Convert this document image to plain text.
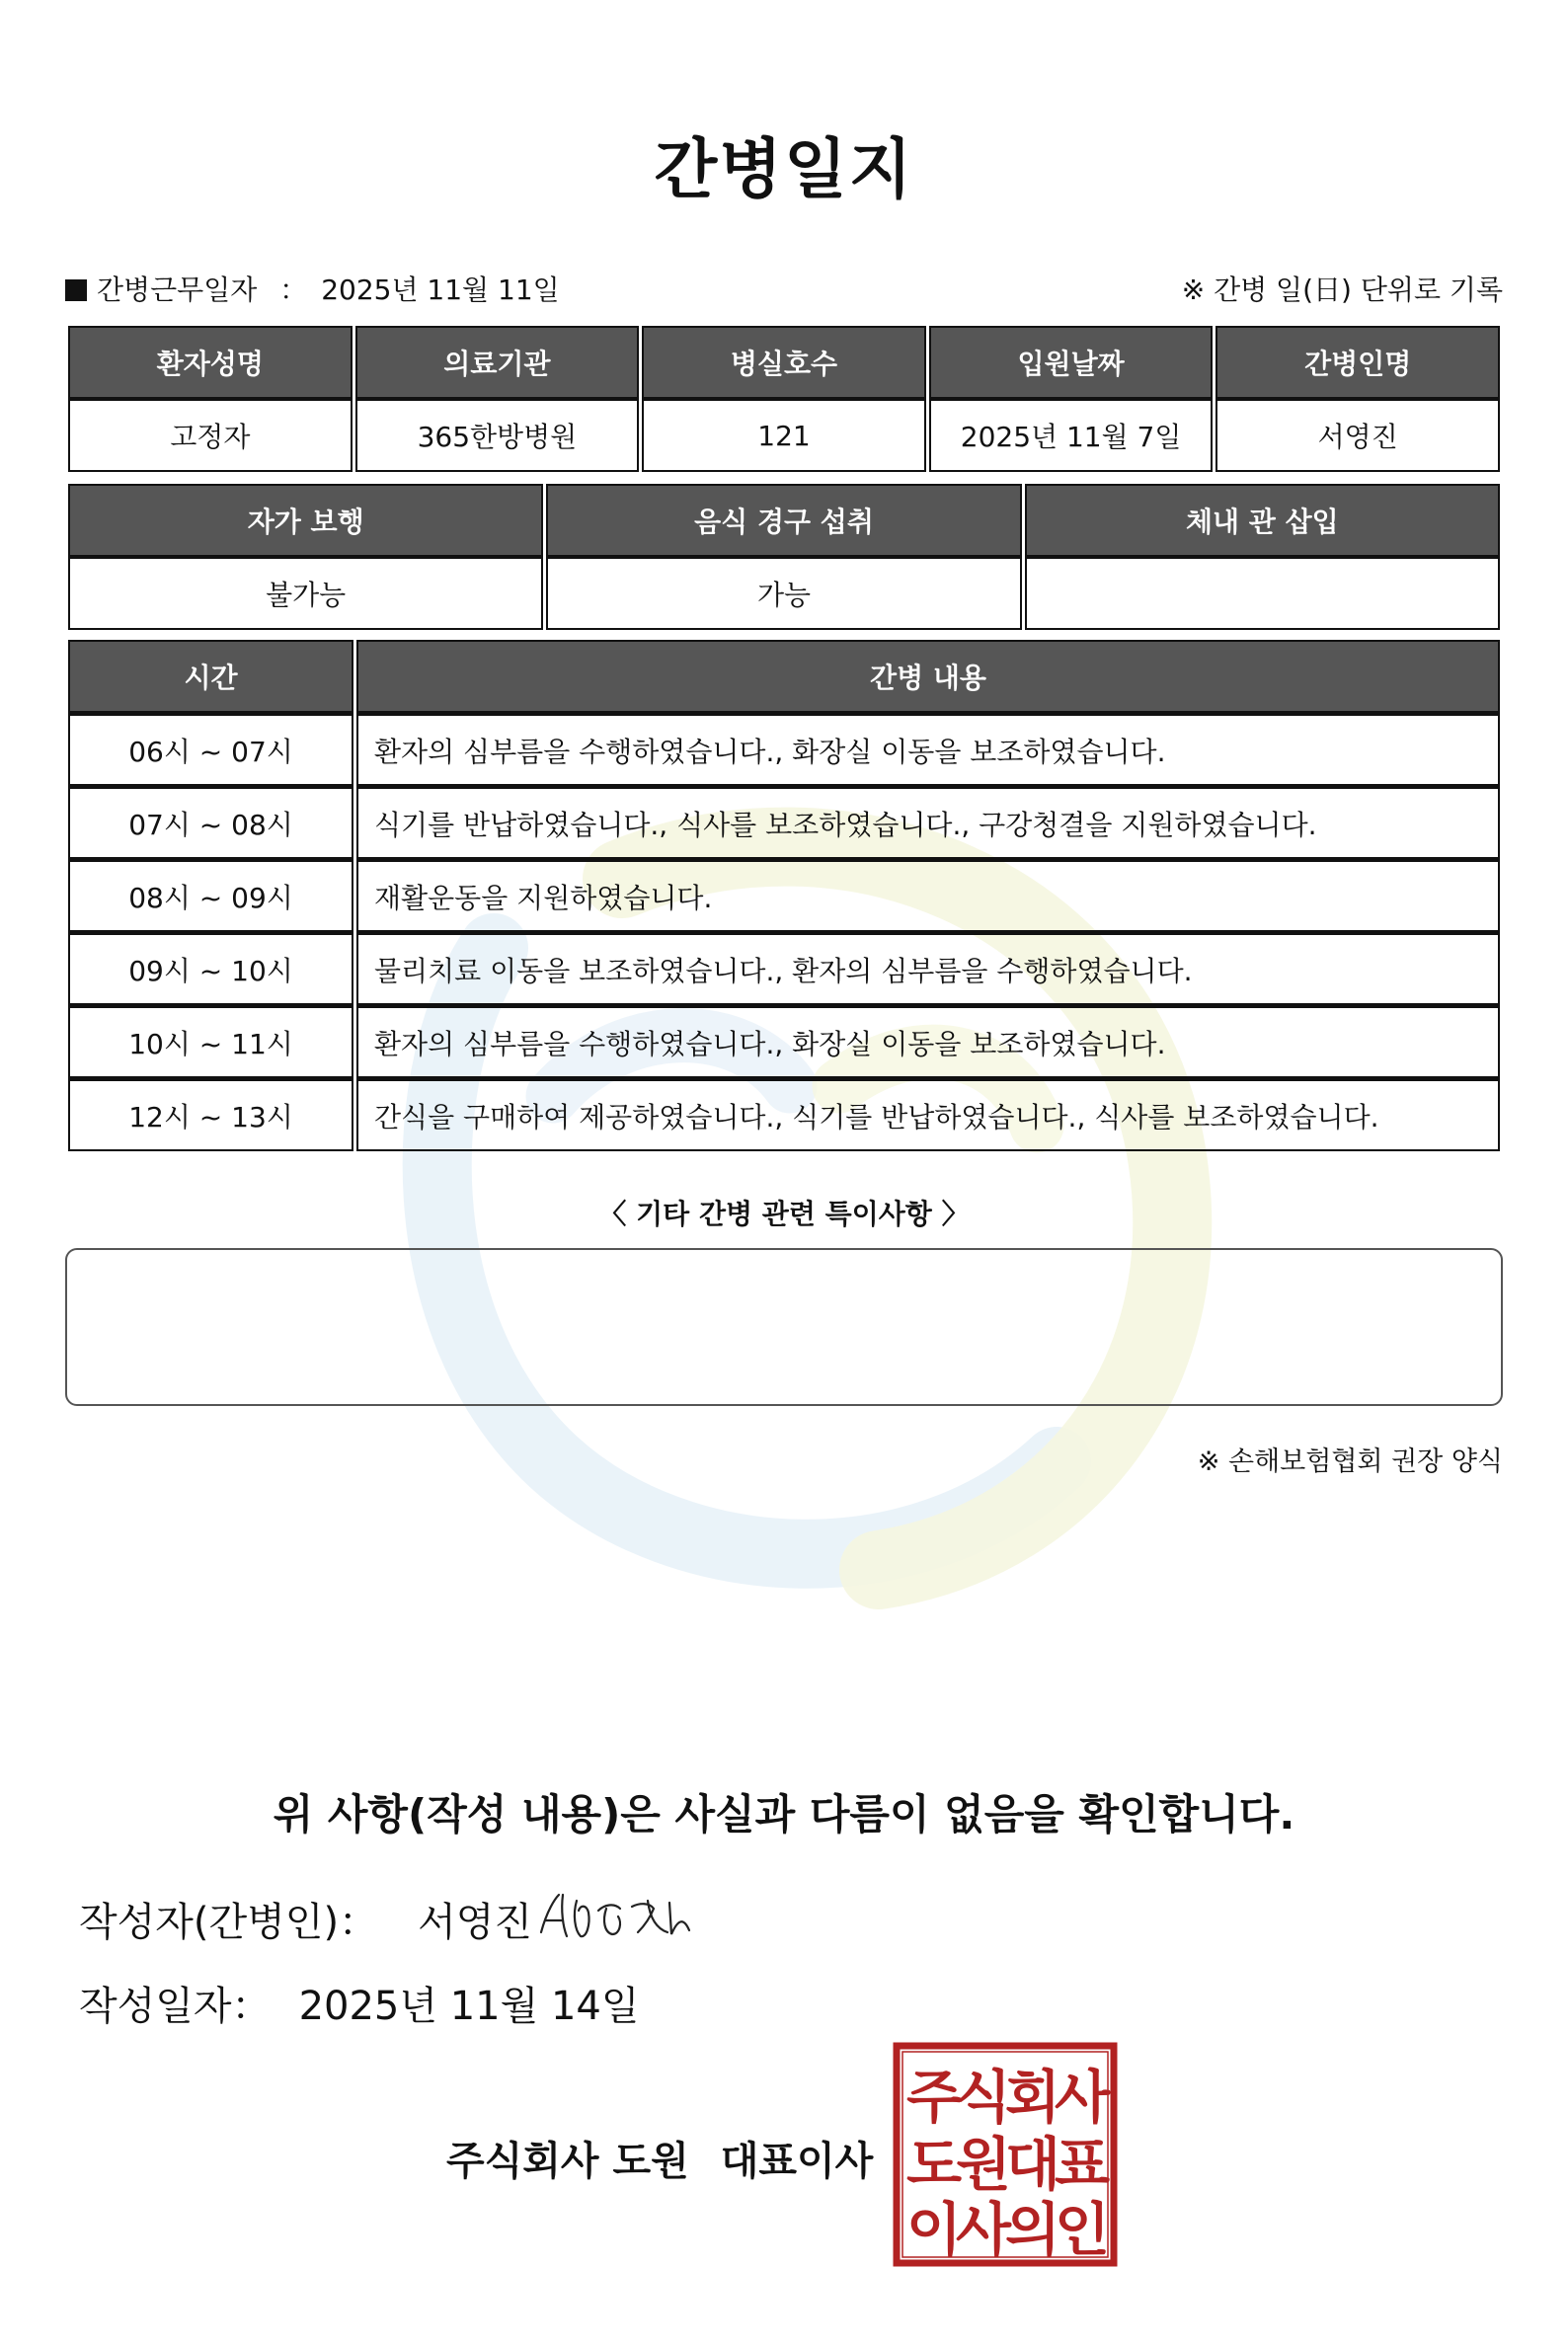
간병일지
간병근무일자 ： 2025년 11월 11일	※ 간병 일(日) 단위로 기록
환자성명	의료기관	병실호수	입원날짜	간병인명
고정자	365한방병원	121	2025년 11월 7일	서영진
자가 보행	음식 경구 섭취	체내 관 삽입
불가능	가능	
시간	간병 내용
06시 ~ 07시	환자의 심부름을 수행하였습니다., 화장실 이동을 보조하였습니다.
07시 ~ 08시	식기를 반납하였습니다., 식사를 보조하였습니다., 구강청결을 지원하였습니다.
08시 ~ 09시	재활운동을 지원하였습니다.
09시 ~ 10시	물리치료 이동을 보조하였습니다., 환자의 심부름을 수행하였습니다.
10시 ~ 11시	환자의 심부름을 수행하였습니다., 화장실 이동을 보조하였습니다.
12시 ~ 13시	간식을 구매하여 제공하였습니다., 식기를 반납하였습니다., 식사를 보조하였습니다.
〈 기타 간병 관련 특이사항 〉
※ 손해보험협회 권장 양식
위 사항(작성 내용)은 사실과 다름이 없음을 확인합니다.
작성자(간병인)： 서영진
작성일자： 2025년 11월 14일
주식회사 도원 대표이사
주식회사
도원대표
이사의인
